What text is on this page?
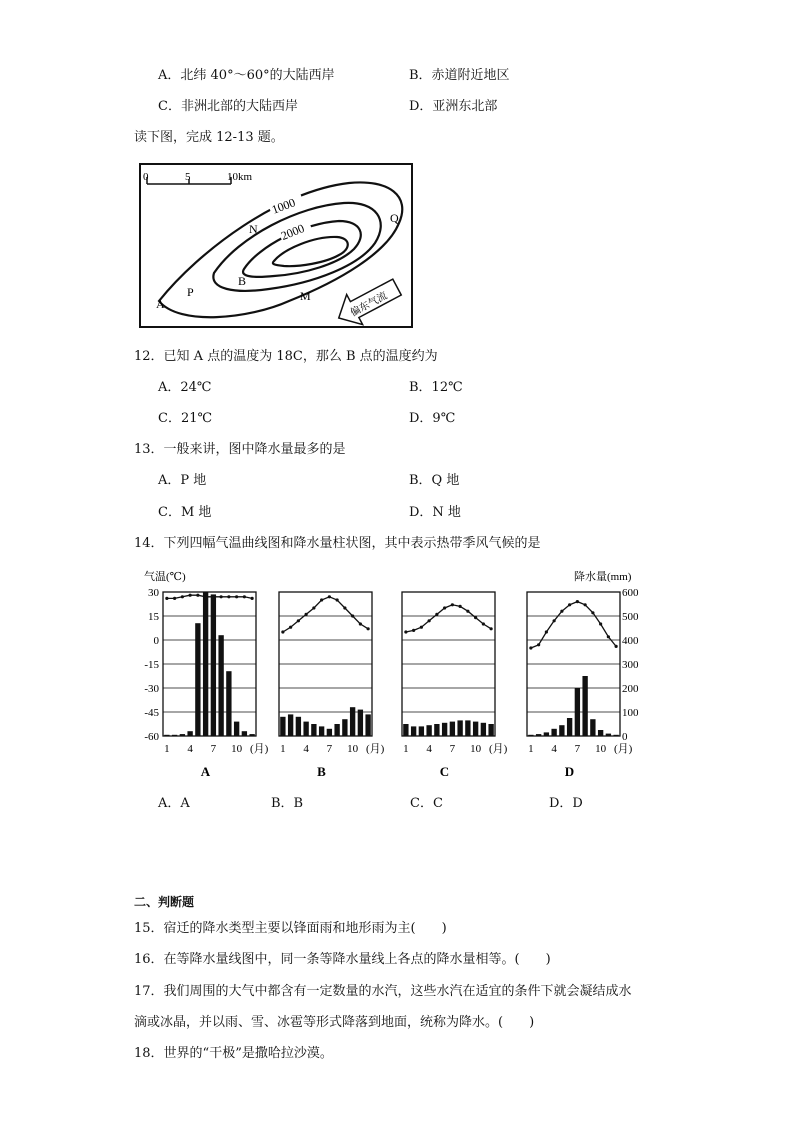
A．北纬 40°～60°的大陆西岸	B．赤道附近地区
C．非洲北部的大陆西岸	D．亚洲东北部
读下图，完成 12-13 题。
0	5	10km
1000
2000
N
Q
B
P
A
M	偏东气流
12．已知 A 点的温度为 18C，那么 B 点的温度约为
A．24℃	B．12℃
C．21℃	D．9℃
13．一般来讲，图中降水量最多的是
A．P 地	B．Q 地
C．M 地	D．N 地
14．下列四幅气温曲线图和降水量柱状图，其中表示热带季风气候的是
气温(℃)	降水量(mm)
30
15
0
-15
-30
-45
-60
600
500
400
300
200
100
0
1 4 7 10 (月)
A
1 4 7 10 (月)
B
1 4 7 10 (月)
C
1 4 7 10 (月)
D
A．A	B．B	C．C	D．D
二、判断题
15．宿迁的降水类型主要以锋面雨和地形雨为主(　　)
16．在等降水量线图中，同一条等降水量线上各点的降水量相等。(　　)
17．我们周围的大气中都含有一定数量的水汽，这些水汽在适宜的条件下就会凝结成水
滴或冰晶，并以雨、雪、冰雹等形式降落到地面，统称为降水。(　　)
18．世界的“干极”是撒哈拉沙漠。
